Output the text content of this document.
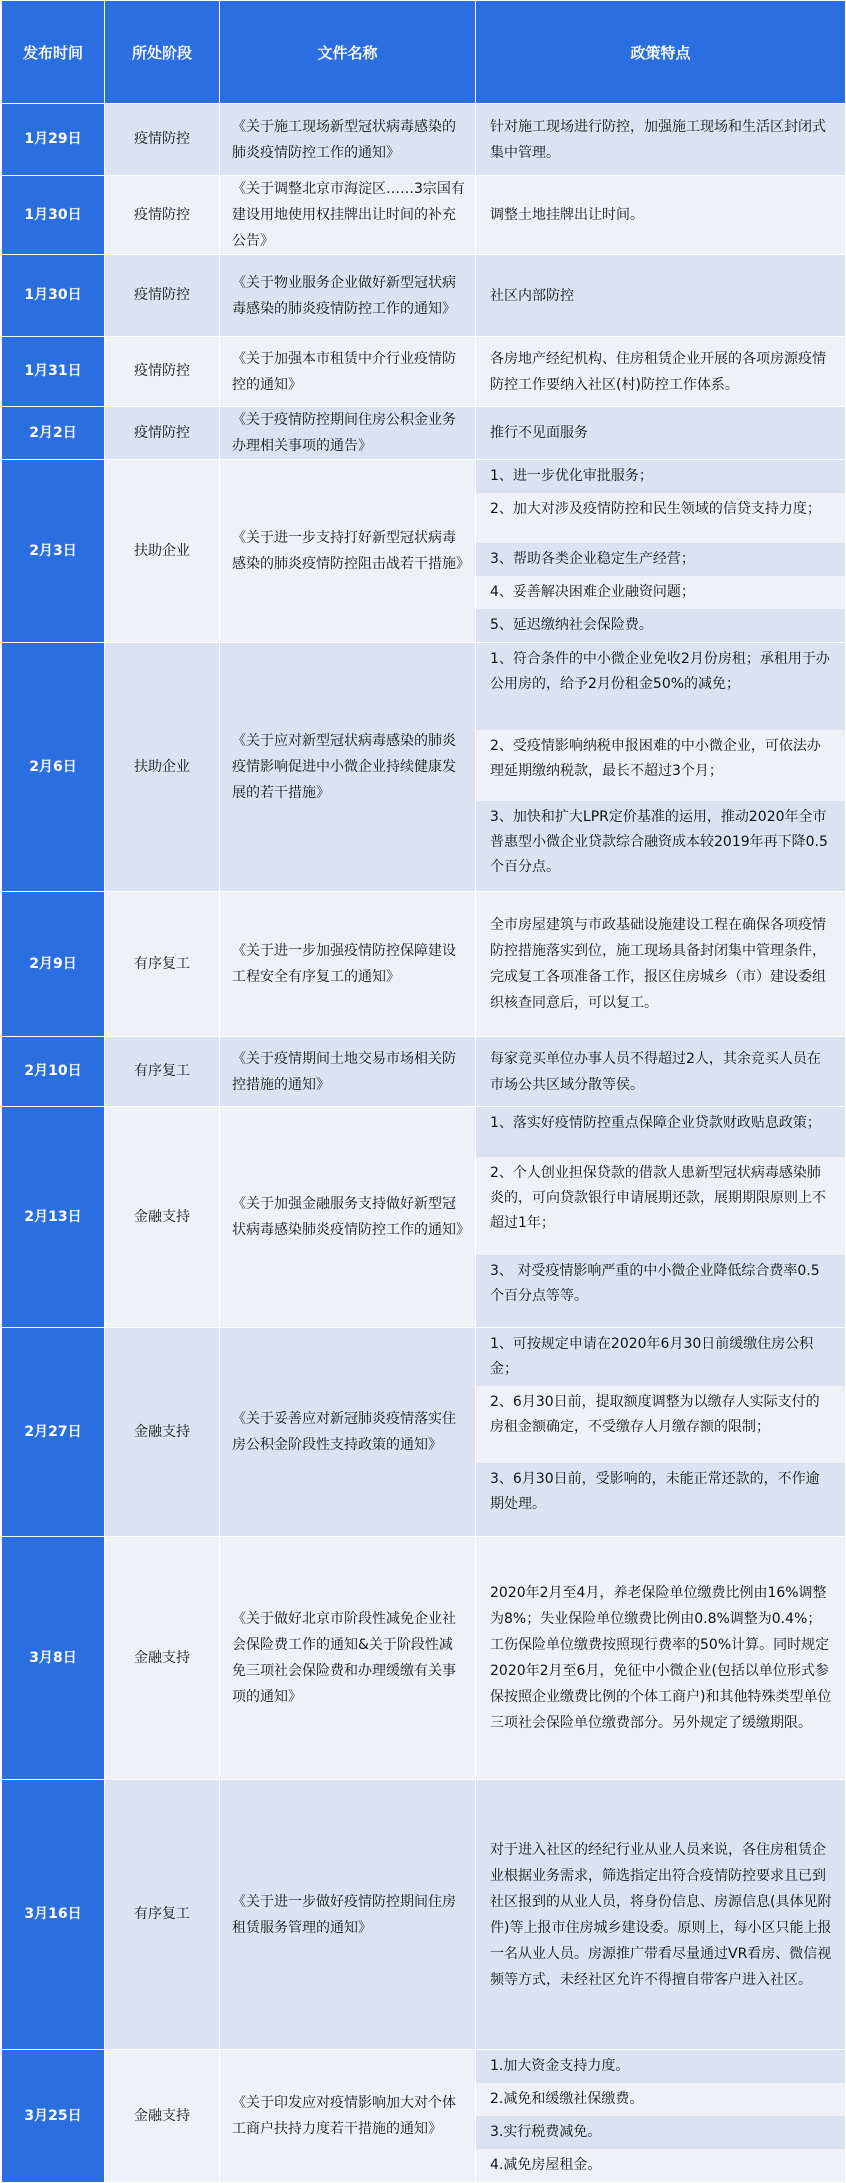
发布时间	所处阶段	文件名称	政策特点
1月29日	疫情防控	《关于施工现场新型冠状病毒感染的肺炎疫情防控工作的通知》	针对施工现场进行防控，加强施工现场和生活区封闭式集中管理。

1月30日	疫情防控	《关于调整北京市海淀区……3宗国有建设用地使用权挂牌出让时间的补充公告》	调整土地挂牌出让时间。

1月30日	疫情防控	《关于物业服务企业做好新型冠状病毒感染的肺炎疫情防控工作的通知》	社区内部防控

1月31日	疫情防控	《关于加强本市租赁中介行业疫情防控的通知》	各房地产经纪机构、住房租赁企业开展的各项房源疫情防控工作要纳入社区(村)防控工作体系。

2月2日	疫情防控	《关于疫情防控期间住房公积金业务办理相关事项的通告》	推行不见面服务

2月3日	扶助企业	《关于进一步支持打好新型冠状病毒感染的肺炎疫情防控阻击战若干措施》	1、进一步优化审批服务；
2、加大对涉及疫情防控和民生领域的信贷支持力度；
3、帮助各类企业稳定生产经营；
4、妥善解决困难企业融资问题；
5、延迟缴纳社会保险费。

2月6日	扶助企业	《关于应对新型冠状病毒感染的肺炎疫情影响促进中小微企业持续健康发展的若干措施》	1、符合条件的中小微企业免收2月份房租；承租用于办公用房的，给予2月份租金50%的减免；
2、受疫情影响纳税申报困难的中小微企业，可依法办理延期缴纳税款，最长不超过3个月；
3、加快和扩大LPR定价基准的运用，推动2020年全市普惠型小微企业贷款综合融资成本较2019年再下降0.5个百分点。

2月9日	有序复工	《关于进一步加强疫情防控保障建设工程安全有序复工的通知》	全市房屋建筑与市政基础设施建设工程在确保各项疫情防控措施落实到位，施工现场具备封闭集中管理条件，完成复工各项准备工作，报区住房城乡（市）建设委组织核查同意后，可以复工。

2月10日	有序复工	《关于疫情期间土地交易市场相关防控措施的通知》	每家竞买单位办事人员不得超过2人，其余竞买人员在市场公共区域分散等侯。

2月13日	金融支持	《关于加强金融服务支持做好新型冠状病毒感染肺炎疫情防控工作的通知》	1、落实好疫情防控重点保障企业贷款财政贴息政策；
2、个人创业担保贷款的借款人患新型冠状病毒感染肺炎的，可向贷款银行申请展期还款，展期期限原则上不超过1年；
3、 对受疫情影响严重的中小微企业降低综合费率0.5个百分点等等。

2月27日	金融支持	《关于妥善应对新冠肺炎疫情落实住房公积金阶段性支持政策的通知》	1、可按规定申请在2020年6月30日前缓缴住房公积金；
2、6月30日前，提取额度调整为以缴存人实际支付的房租金额确定，不受缴存人月缴存额的限制；
3、6月30日前，受影响的，未能正常还款的，不作逾期处理。

3月8日	金融支持	《关于做好北京市阶段性减免企业社会保险费工作的通知&关于阶段性减免三项社会保险费和办理缓缴有关事项的通知》	2020年2月至4月，养老保险单位缴费比例由16%调整为8%；失业保险单位缴费比例由0.8%调整为0.4%；工伤保险单位缴费按照现行费率的50%计算。同时规定2020年2月至6月，免征中小微企业(包括以单位形式参保按照企业缴费比例的个体工商户)和其他特殊类型单位三项社会保险单位缴费部分。另外规定了缓缴期限。

3月16日	有序复工	《关于进一步做好疫情防控期间住房租赁服务管理的通知》	对于进入社区的经纪行业从业人员来说，各住房租赁企业根据业务需求，筛选指定出符合疫情防控要求且已到社区报到的从业人员，将身份信息、房源信息(具体见附件)等上报市住房城乡建设委。原则上，每小区只能上报一名从业人员。房源推广带看尽量通过VR看房、微信视频等方式，未经社区允许不得擅自带客户进入社区。

3月25日	金融支持	《关于印发应对疫情影响加大对个体工商户扶持力度若干措施的通知》	1.加大资金支持力度。
2.减免和缓缴社保缴费。
3.实行税费减免。
4.减免房屋租金。
